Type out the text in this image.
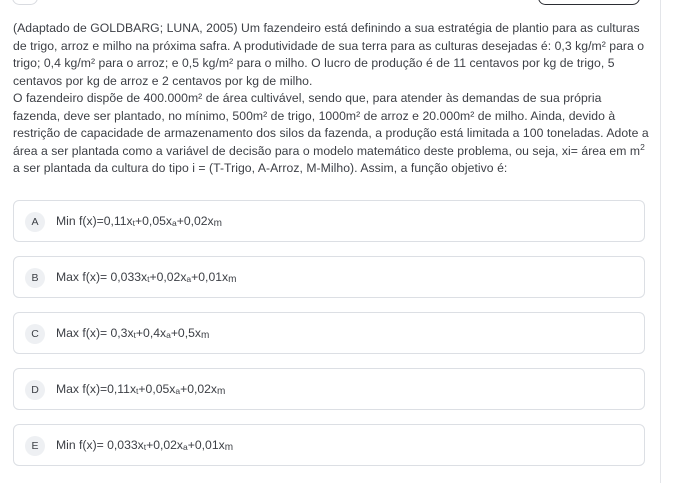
(Adaptado de GOLDBARG; LUNA, 2005) Um fazendeiro está definindo a sua estratégia de plantio para as culturas de trigo, arroz e milho na próxima safra. A produtividade de sua terra para as culturas desejadas é: 0,3 kg/m² para o trigo; 0,4 kg/m² para o arroz; e 0,5 kg/m² para o milho. O lucro de produção é de 11 centavos por kg de trigo, 5 centavos por kg de arroz e 2 centavos por kg de milho.

O fazendeiro dispõe de 400.000m² de área cultivável, sendo que, para atender às demandas de sua própria fazenda, deve ser plantado, no mínimo, 500m² de trigo, 1000m² de arroz e 20.000m² de milho. Ainda, devido à restrição de capacidade de armazenamento dos silos da fazenda, a produção está limitada a 100 toneladas. Adote a área a ser plantada como a variável de decisão para o modelo matemático deste problema, ou seja, xi= área em $m^2$ a ser plantada da cultura do tipo i = (T-Trigo, A-Arroz, M-Milho). Assim, a função objetivo é:

A	Min $f(x)=0,11x_t+0,05x_a+0,02x_m$
B	Max $f(x)= 0,033x_t+0,02x_a+0,01x_m$
C	Max $f(x)= 0,3x_t+0,4x_a+0,5x_m$
D	Max $f(x)=0,11x_t+0,05x_a+0,02x_m$
E	Min $f(x)= 0,033x_t+0,02x_a+0,01x_m$
